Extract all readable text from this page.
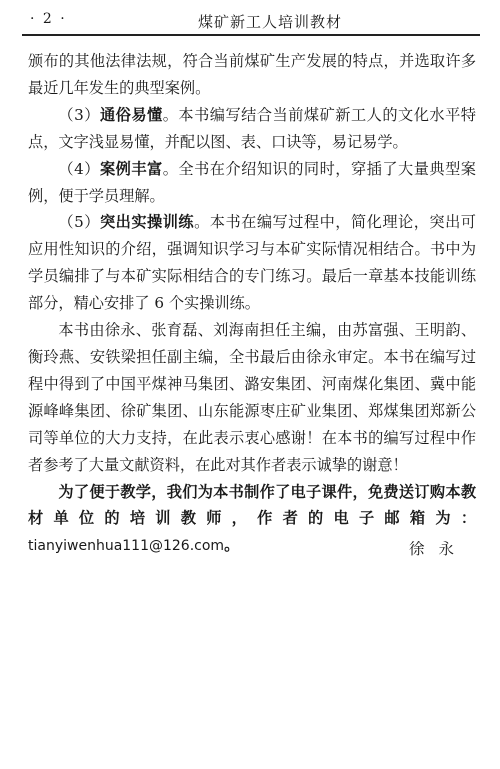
· 2 ·	煤矿新工人培训教材

颁布的其他法律法规，符合当前煤矿生产发展的特点，并选取许多最近几年发生的典型案例。

（3）通俗易懂。本书编写结合当前煤矿新工人的文化水平特点，文字浅显易懂，并配以图、表、口诀等，易记易学。

（4）案例丰富。全书在介绍知识的同时，穿插了大量典型案例，便于学员理解。

（5）突出实操训练。本书在编写过程中，简化理论，突出可应用性知识的介绍，强调知识学习与本矿实际情况相结合。书中为学员编排了与本矿实际相结合的专门练习。最后一章基本技能训练部分，精心安排了 6 个实操训练。

本书由徐永、张育磊、刘海南担任主编，由苏富强、王明韵、衡玲燕、安铁梁担任副主编，全书最后由徐永审定。本书在编写过程中得到了中国平煤神马集团、潞安集团、河南煤化集团、冀中能源峰峰集团、徐矿集团、山东能源枣庄矿业集团、郑煤集团郑新公司等单位的大力支持，在此表示衷心感谢！在本书的编写过程中作者参考了大量文献资料，在此对其作者表示诚挚的谢意！

为了便于教学，我们为本书制作了电子课件，免费送订购本教材单位的培训教师，作者的电子邮箱为：tianyiwenhua111@126.com。	徐永
